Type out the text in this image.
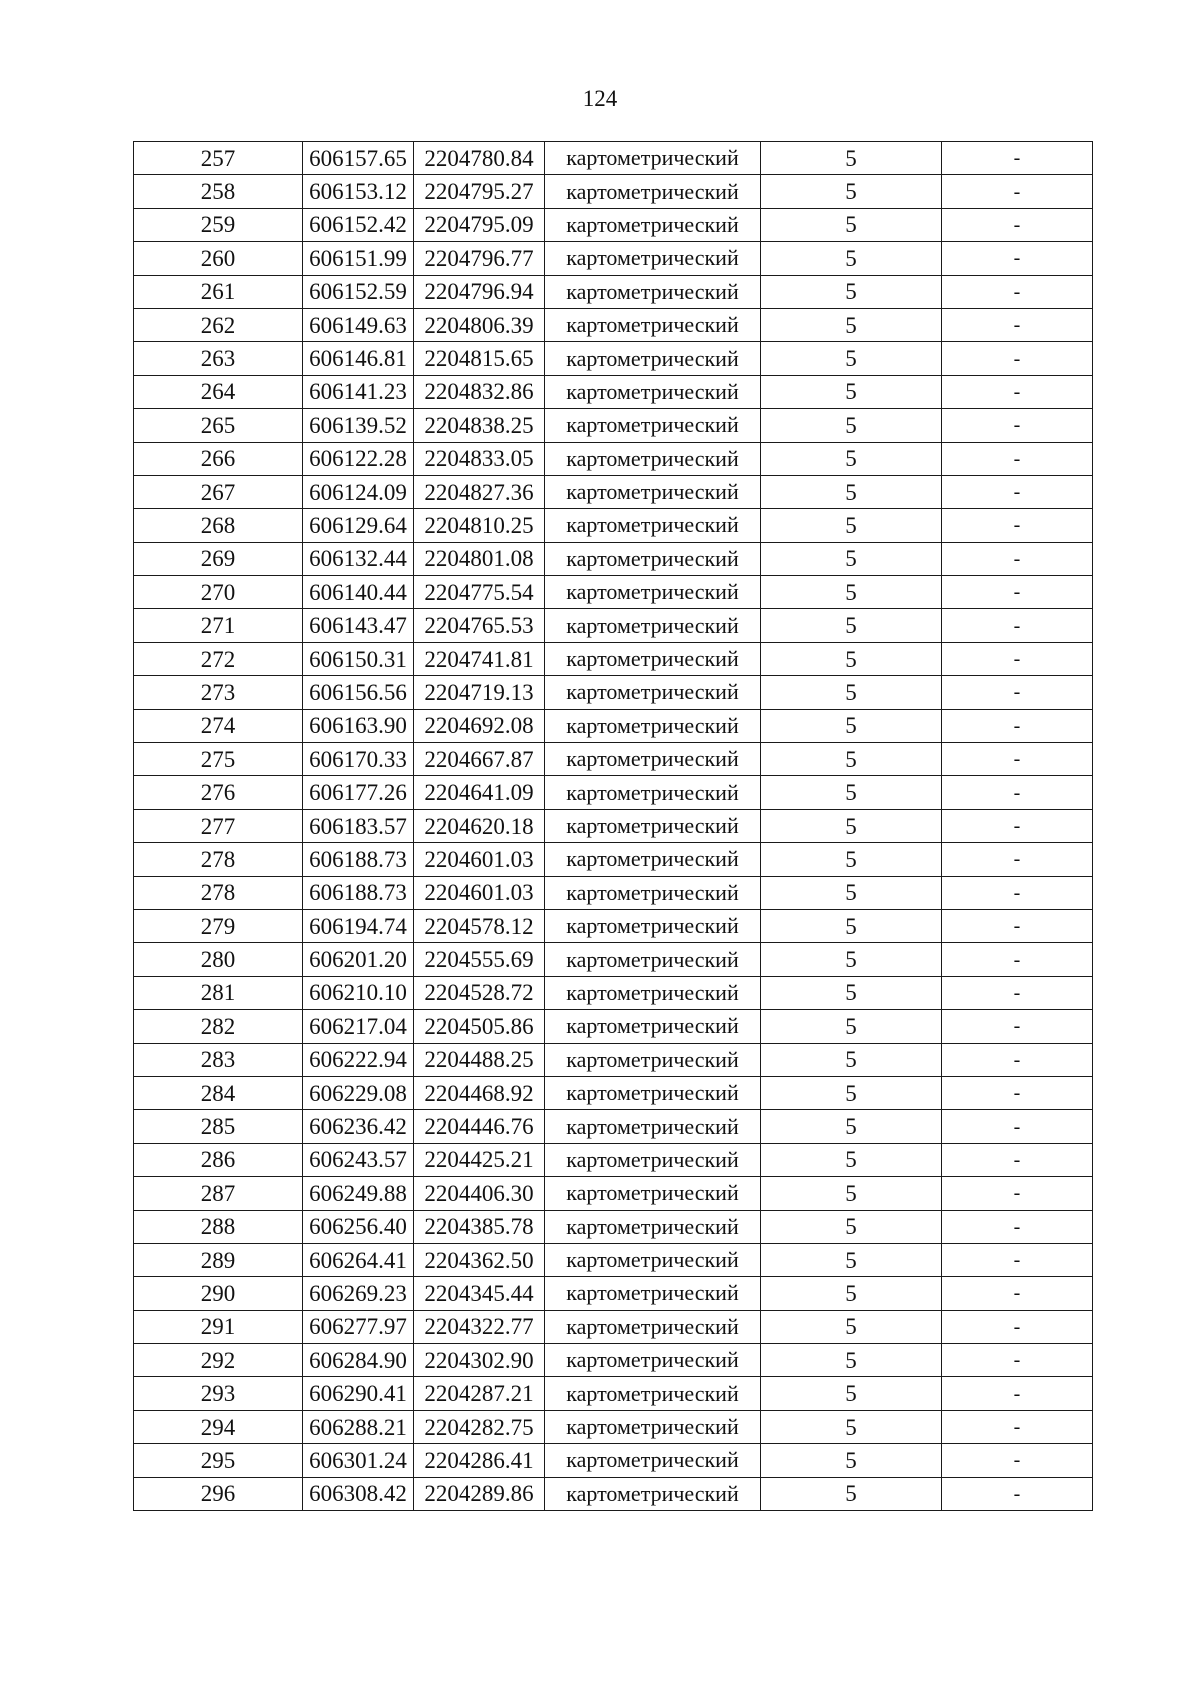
124
257	606157.65	2204780.84	картометрический	5	-
258	606153.12	2204795.27	картометрический	5	-
259	606152.42	2204795.09	картометрический	5	-
260	606151.99	2204796.77	картометрический	5	-
261	606152.59	2204796.94	картометрический	5	-
262	606149.63	2204806.39	картометрический	5	-
263	606146.81	2204815.65	картометрический	5	-
264	606141.23	2204832.86	картометрический	5	-
265	606139.52	2204838.25	картометрический	5	-
266	606122.28	2204833.05	картометрический	5	-
267	606124.09	2204827.36	картометрический	5	-
268	606129.64	2204810.25	картометрический	5	-
269	606132.44	2204801.08	картометрический	5	-
270	606140.44	2204775.54	картометрический	5	-
271	606143.47	2204765.53	картометрический	5	-
272	606150.31	2204741.81	картометрический	5	-
273	606156.56	2204719.13	картометрический	5	-
274	606163.90	2204692.08	картометрический	5	-
275	606170.33	2204667.87	картометрический	5	-
276	606177.26	2204641.09	картометрический	5	-
277	606183.57	2204620.18	картометрический	5	-
278	606188.73	2204601.03	картометрический	5	-
278	606188.73	2204601.03	картометрический	5	-
279	606194.74	2204578.12	картометрический	5	-
280	606201.20	2204555.69	картометрический	5	-
281	606210.10	2204528.72	картометрический	5	-
282	606217.04	2204505.86	картометрический	5	-
283	606222.94	2204488.25	картометрический	5	-
284	606229.08	2204468.92	картометрический	5	-
285	606236.42	2204446.76	картометрический	5	-
286	606243.57	2204425.21	картометрический	5	-
287	606249.88	2204406.30	картометрический	5	-
288	606256.40	2204385.78	картометрический	5	-
289	606264.41	2204362.50	картометрический	5	-
290	606269.23	2204345.44	картометрический	5	-
291	606277.97	2204322.77	картометрический	5	-
292	606284.90	2204302.90	картометрический	5	-
293	606290.41	2204287.21	картометрический	5	-
294	606288.21	2204282.75	картометрический	5	-
295	606301.24	2204286.41	картометрический	5	-
296	606308.42	2204289.86	картометрический	5	-
